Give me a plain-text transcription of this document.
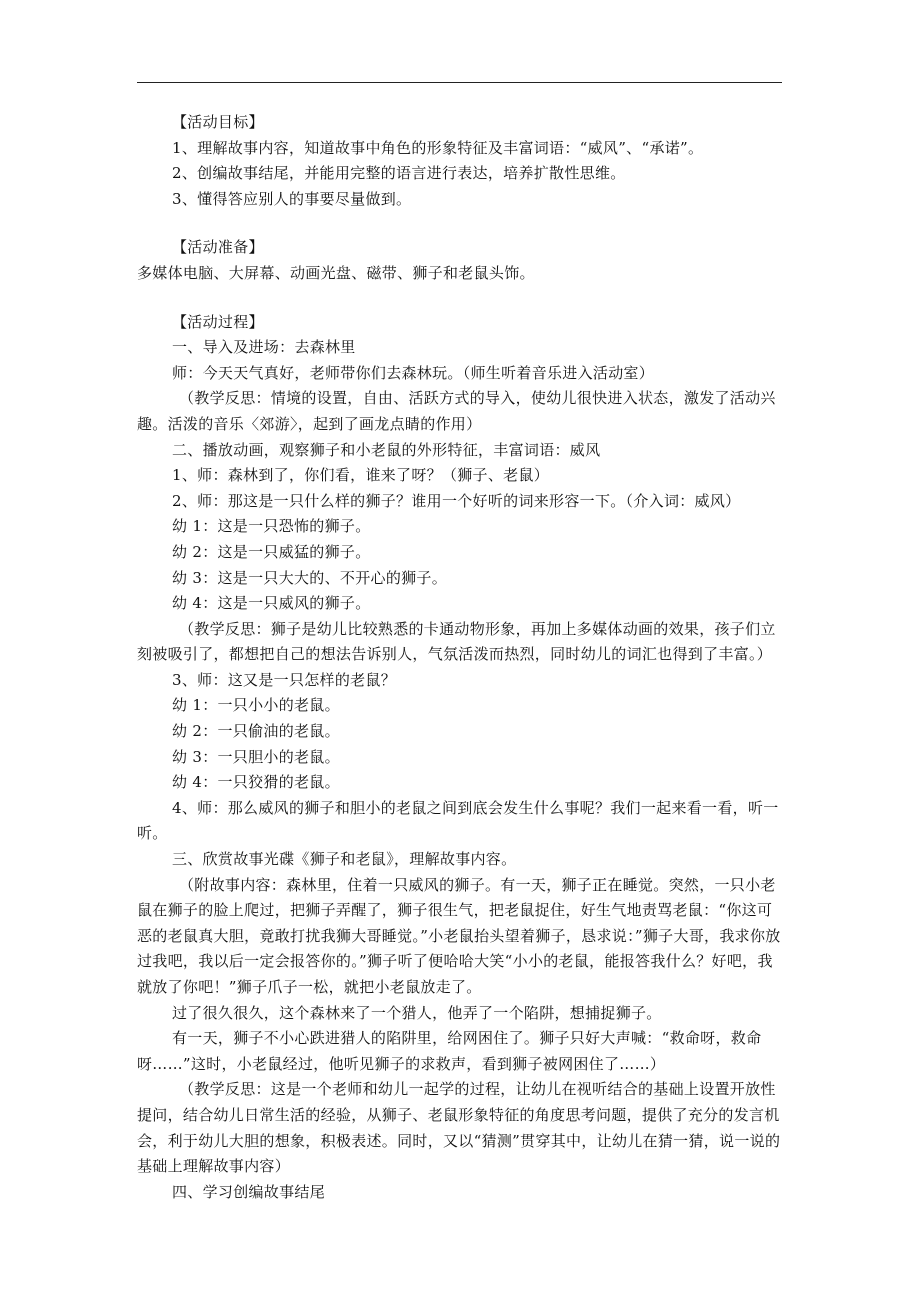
【活动目标】

1、理解故事内容，知道故事中角色的形象特征及丰富词语：“威风”、“承诺”。

2、创编故事结尾，并能用完整的语言进行表达，培养扩散性思维。

3、懂得答应别人的事要尽量做到。

【活动准备】

多媒体电脑、大屏幕、动画光盘、磁带、狮子和老鼠头饰。

【活动过程】

一、导入及进场：去森林里

师：今天天气真好，老师带你们去森林玩。（师生听着音乐进入活动室）

（教学反思：情境的设置，自由、活跃方式的导入，使幼儿很快进入状态，激发了活动兴趣。活泼的音乐〈郊游〉，起到了画龙点睛的作用）

二、播放动画，观察狮子和小老鼠的外形特征，丰富词语：威风

1、师：森林到了，你们看，谁来了呀？（狮子、老鼠）

2、师：那这是一只什么样的狮子？谁用一个好听的词来形容一下。（介入词：威风）

幼 1：这是一只恐怖的狮子。

幼 2：这是一只威猛的狮子。

幼 3：这是一只大大的、不开心的狮子。

幼 4：这是一只威风的狮子。

（教学反思：狮子是幼儿比较熟悉的卡通动物形象，再加上多媒体动画的效果，孩子们立刻被吸引了，都想把自己的想法告诉别人，气氛活泼而热烈，同时幼儿的词汇也得到了丰富。）

3、师：这又是一只怎样的老鼠？

幼 1：一只小小的老鼠。

幼 2：一只偷油的老鼠。

幼 3：一只胆小的老鼠。

幼 4：一只狡猾的老鼠。

4、师：那么威风的狮子和胆小的老鼠之间到底会发生什么事呢？我们一起来看一看，听一听。

三、欣赏故事光碟《狮子和老鼠》，理解故事内容。

（附故事内容：森林里，住着一只威风的狮子。有一天，狮子正在睡觉。突然，一只小老鼠在狮子的脸上爬过，把狮子弄醒了，狮子很生气，把老鼠捉住，好生气地责骂老鼠：“你这可恶的老鼠真大胆，竟敢打扰我狮大哥睡觉。”小老鼠抬头望着狮子，恳求说：”狮子大哥，我求你放过我吧，我以后一定会报答你的。”狮子听了便哈哈大笑“小小的老鼠，能报答我什么？好吧，我就放了你吧！”狮子爪子一松，就把小老鼠放走了。

过了很久很久，这个森林来了一个猎人，他弄了一个陷阱，想捕捉狮子。

有一天，狮子不小心跌进猎人的陷阱里，给网困住了。狮子只好大声喊：“救命呀，救命呀……”这时，小老鼠经过，他听见狮子的求救声，看到狮子被网困住了……）

（教学反思：这是一个老师和幼儿一起学的过程，让幼儿在视听结合的基础上设置开放性提问，结合幼儿日常生活的经验，从狮子、老鼠形象特征的角度思考问题，提供了充分的发言机会，利于幼儿大胆的想象，积极表述。同时，又以“猜测”贯穿其中，让幼儿在猜一猜，说一说的基础上理解故事内容）

四、学习创编故事结尾
